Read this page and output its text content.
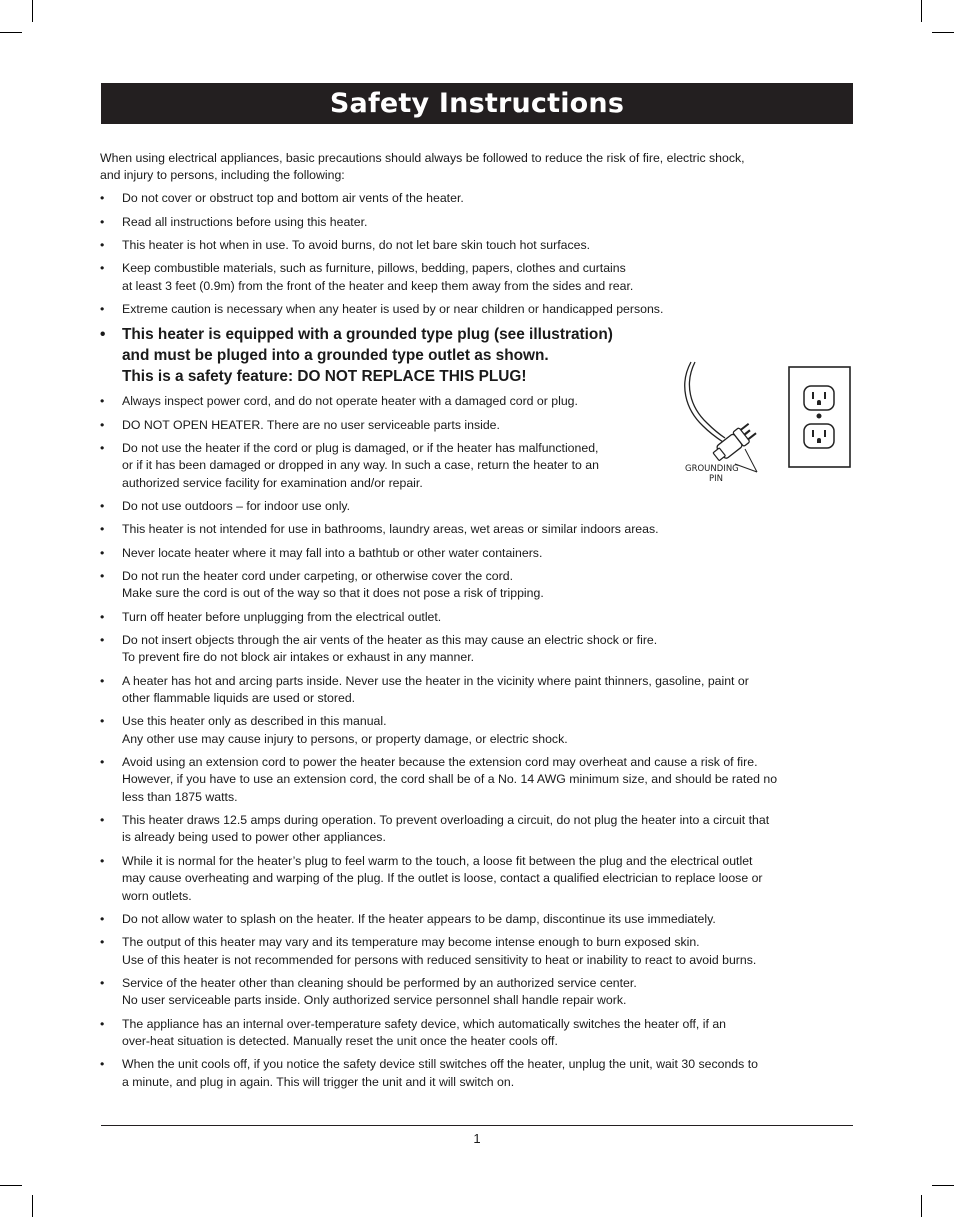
Safety Instructions

When using electrical appliances, basic precautions should always be followed to reduce the risk of fire, electric shock,
and injury to persons, including the following:

•	Do not cover or obstruct top and bottom air vents of the heater.
•	Read all instructions before using this heater.
•	This heater is hot when in use. To avoid burns, do not let bare skin touch hot surfaces.
•	Keep combustible materials, such as furniture, pillows, bedding, papers, clothes and curtains
at least 3 feet (0.9m) from the front of the heater and keep them away from the sides and rear.
•	Extreme caution is necessary when any heater is used by or near children or handicapped persons.
•	This heater is equipped with a grounded type plug (see illustration)
and must be pluged into a grounded type outlet as shown.
This is a safety feature: DO NOT REPLACE THIS PLUG!
•	Always inspect power cord, and do not operate heater with a damaged cord or plug.
•	DO NOT OPEN HEATER. There are no user serviceable parts inside.
•	Do not use the heater if the cord or plug is damaged, or if the heater has malfunctioned,
or if it has been damaged or dropped in any way. In such a case, return the heater to an
authorized service facility for examination and/or repair.
•	Do not use outdoors – for indoor use only.
•	This heater is not intended for use in bathrooms, laundry areas, wet areas or similar indoors areas.
•	Never locate heater where it may fall into a bathtub or other water containers.
•	Do not run the heater cord under carpeting, or otherwise cover the cord.
Make sure the cord is out of the way so that it does not pose a risk of tripping.
•	Turn off heater before unplugging from the electrical outlet.
•	Do not insert objects through the air vents of the heater as this may cause an electric shock or fire.
To prevent fire do not block air intakes or exhaust in any manner.
•	A heater has hot and arcing parts inside. Never use the heater in the vicinity where paint thinners, gasoline, paint or
other flammable liquids are used or stored.
•	Use this heater only as described in this manual.
Any other use may cause injury to persons, or property damage, or electric shock.
•	Avoid using an extension cord to power the heater because the extension cord may overheat and cause a risk of fire.
However, if you have to use an extension cord, the cord shall be of a No. 14 AWG minimum size, and should be rated no
less than 1875 watts.
•	This heater draws 12.5 amps during operation. To prevent overloading a circuit, do not plug the heater into a circuit that
is already being used to power other appliances.
•	While it is normal for the heater’s plug to feel warm to the touch, a loose fit between the plug and the electrical outlet
may cause overheating and warping of the plug. If the outlet is loose, contact a qualified electrician to replace loose or
worn outlets.
•	Do not allow water to splash on the heater. If the heater appears to be damp, discontinue its use immediately.
•	The output of this heater may vary and its temperature may become intense enough to burn exposed skin.
Use of this heater is not recommended for persons with reduced sensitivity to heat or inability to react to avoid burns.
•	Service of the heater other than cleaning should be performed by an authorized service center.
No user serviceable parts inside. Only authorized service personnel shall handle repair work.
•	The appliance has an internal over-temperature safety device, which automatically switches the heater off, if an
over-heat situation is detected. Manually reset the unit once the heater cools off.
•	When the unit cools off, if you notice the safety device still switches off the heater, unplug the unit, wait 30 seconds to
a minute, and plug in again. This will trigger the unit and it will switch on.
GROUNDING
PIN
1
